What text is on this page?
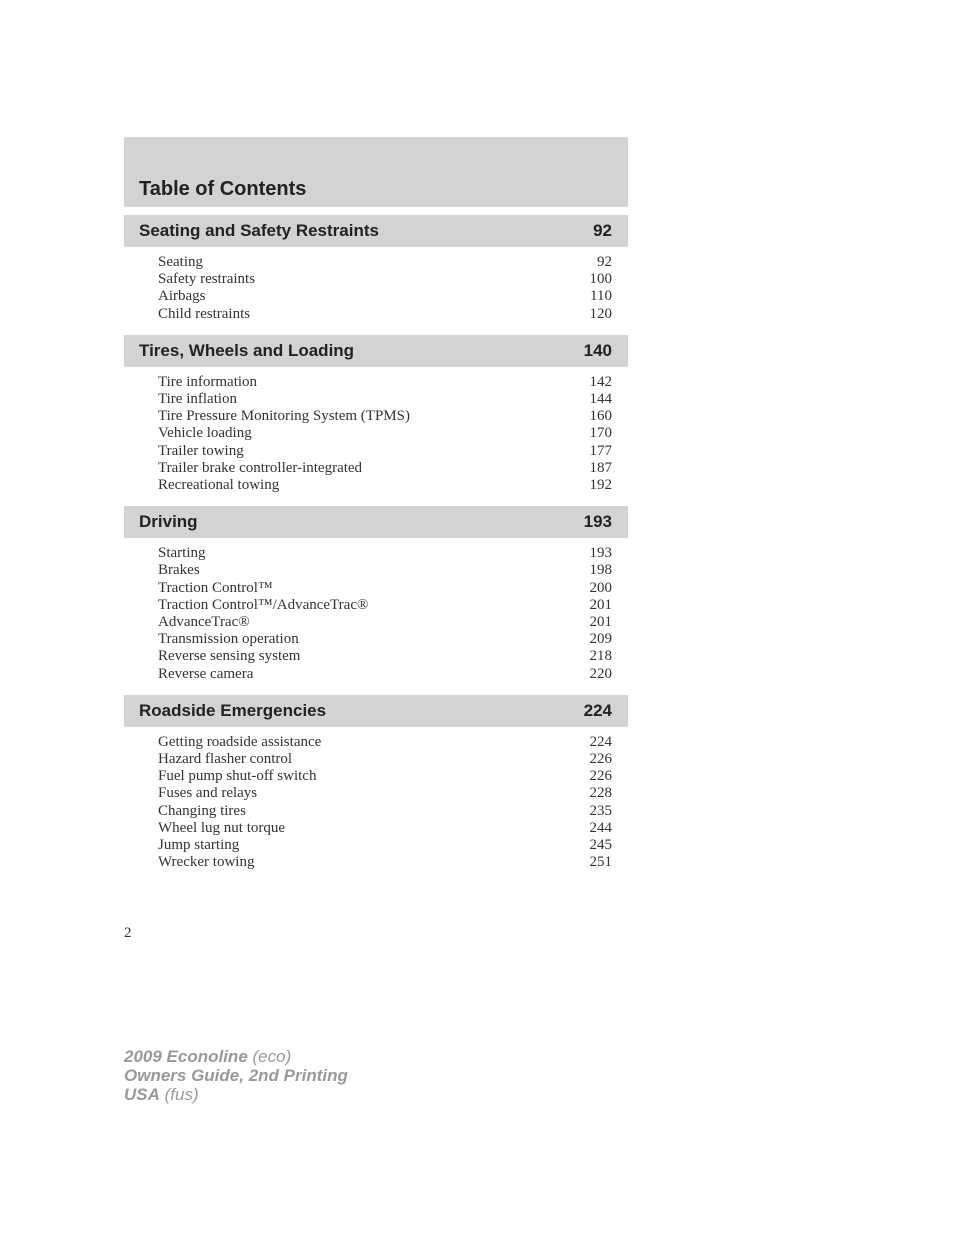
Table of Contents
Seating and Safety Restraints	92
Seating	92
Safety restraints	100
Airbags	110
Child restraints	120
Tires, Wheels and Loading	140
Tire information	142
Tire inflation	144
Tire Pressure Monitoring System (TPMS)	160
Vehicle loading	170
Trailer towing	177
Trailer brake controller-integrated	187
Recreational towing	192
Driving	193
Starting	193
Brakes	198
Traction Control™	200
Traction Control™/AdvanceTrac®	201
AdvanceTrac®	201
Transmission operation	209
Reverse sensing system	218
Reverse camera	220
Roadside Emergencies	224
Getting roadside assistance	224
Hazard flasher control	226
Fuel pump shut-off switch	226
Fuses and relays	228
Changing tires	235
Wheel lug nut torque	244
Jump starting	245
Wrecker towing	251
2
2009 Econoline (eco)
Owners Guide, 2nd Printing
USA (fus)
